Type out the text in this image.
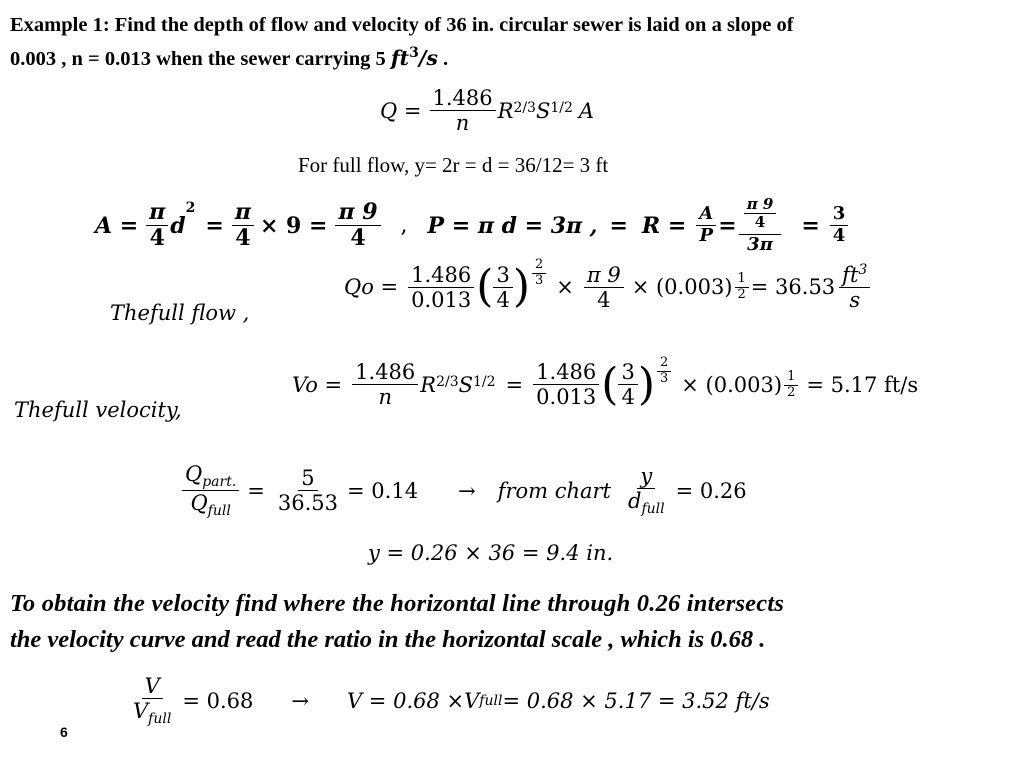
Example 1: Find the depth of flow and velocity of 36 in. circular sewer is laid on a slope of
0.003 , n = 0.013 when the sewer carrying 5 $ft^3/s$ .
$Q = \frac{1.486}{n}$ R 2/3 S 1/2 A
For full flow, y= 2r = d = 36/12= 3 ft
$A = \frac{\pi}{4}$ d
$^2$
= $\frac{\pi}{4} \times 9 = \frac{\pi 9}{4}$ , P = π d = 3π , = $R = \frac{A}{P} = \frac{\frac{\pi 9}{4}}{3\pi} = \frac{3}{4}$
Thefull flow ,
$Qo = \frac{1.486}{0.013}$ ( $\frac{3}{4}$ ) $\frac{2}{3} \times \frac{\pi 9}{4} \times (0.003) \frac{1}{2} = 36.53 \frac{ft^3}{s}$
Thefull velocity,
$Vo = \frac{1.486}{n}$ R 2/3 S $1/2 = \frac{1.486}{0.013}$ ( $\frac{3}{4}$ ) $\frac{2}{3} \times (0.003) \frac{1}{2} = 5.17$ ft/s
$\frac{Q_{part.}}{Q_{full}} = \frac{5}{36.53} = 0.14$ → from chart $\frac{y}{d_{full}} = 0.26$
y = 0.26 × 36 = 9.4 in.
To obtain the velocity find where the horizontal line through 0.26 intersects
the velocity curve and read the ratio in the horizontal scale , which is 0.68 .
$\frac{V}{V_{full}} = 0.68 \to V = 0.68 \times V$ full = 0.68 × 5.17 = 3.52 ft/s
6
